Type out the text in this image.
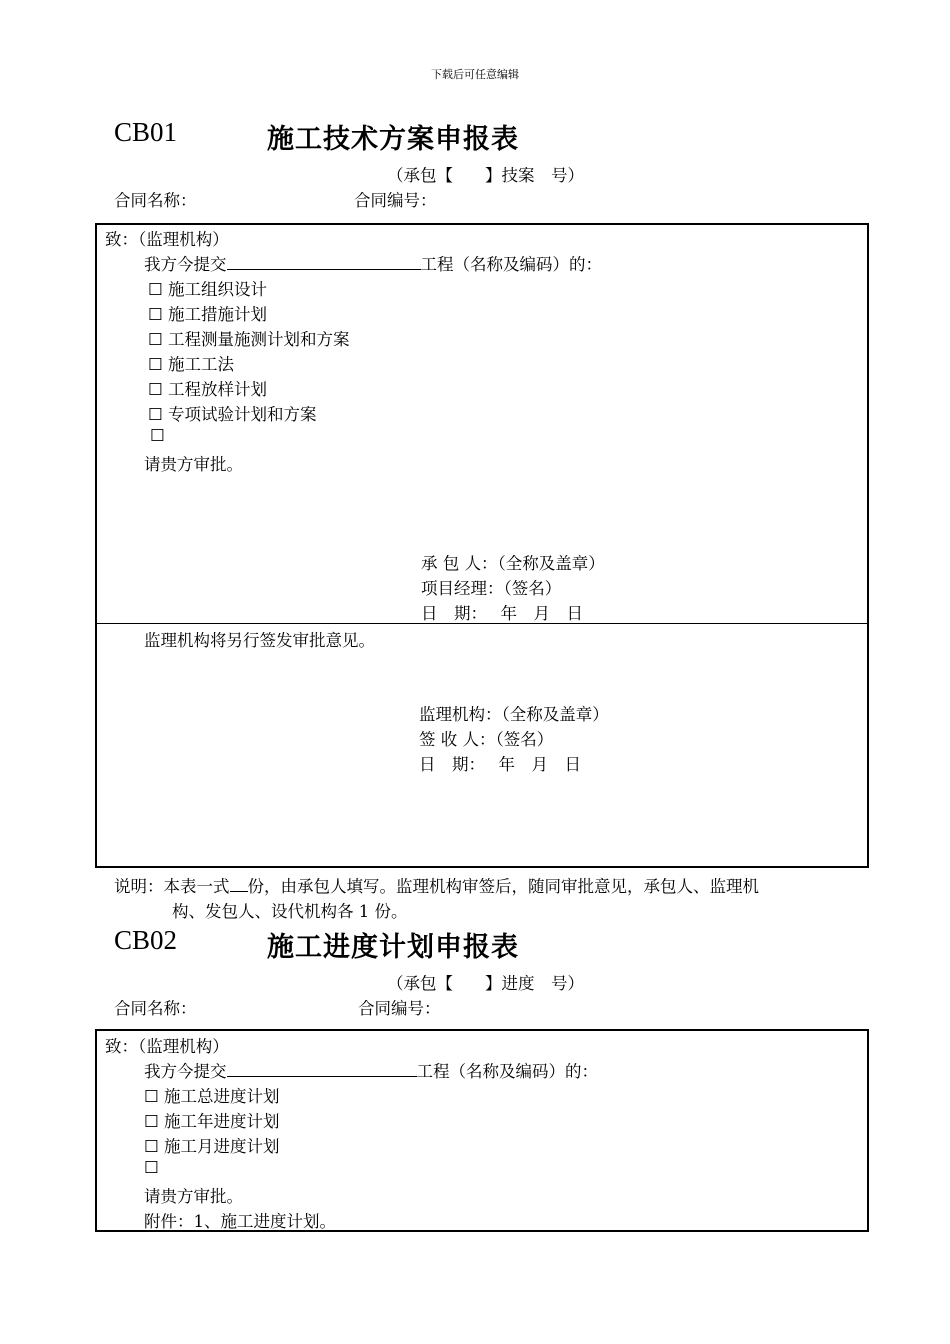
下载后可任意编辑
CB01	施工技术方案申报表
（承包【 】技案　号）
合同名称：	合同编号：
致：（监理机构）
我方今提交	工程（名称及编码）的：
☐ 施工组织设计
☐ 施工措施计划
☐ 工程测量施测计划和方案
☐ 施工工法
☐ 工程放样计划
☐ 专项试验计划和方案
☐
请贵方审批。
承 包 人：（全称及盖章）
项目经理：（签名）
日　期：　 年　月　日
监理机构将另行签发审批意见。
监理机构：（全称及盖章）
签 收 人：（签名）
日　期：　 年　月　日
说明：本表一式 份，由承包人填写。监理机构审签后，随同审批意见，承包人、监理机
构、发包人、设代机构各 1 份。
CB02	施工进度计划申报表
（承包【 】进度　号）
合同名称：	合同编号：
致：（监理机构）
我方今提交	工程（名称及编码）的：
☐ 施工总进度计划
☐ 施工年进度计划
☐ 施工月进度计划
☐
请贵方审批。
附件：1、施工进度计划。
